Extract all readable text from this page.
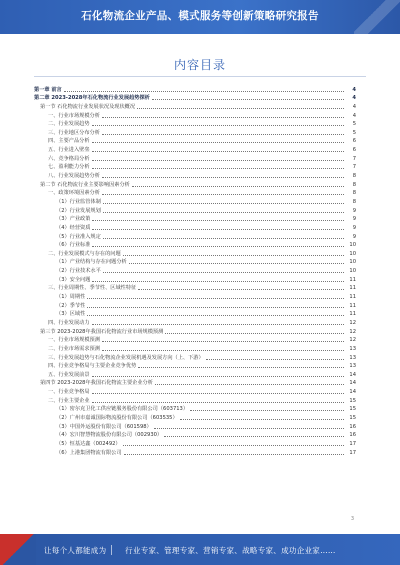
石化物流企业产品、模式服务等创新策略研究报告
内容目录
第一章 前言	4
第二章 2023-2028年石化物流行业发展趋势探析	4
第一节 石化物流行业发展状况及现状概况	4
一、行业市场规模分析	4
二、行业发展趋势	5
三、行业地区分布分析	5
四、主要产品分析	6
五、行业进入壁垒	6
六、竞争格局分析	7
七、盈利能力分析	7
八、行业发展趋势分析	8
第二节 石化物流行业主要影响因素分析	8
一、政策环境因素分析	8
（1）行业监管体制	8
（2）行业发展规划	9
（3）产业政策	9
（4）经营资质	9
（5）行业准入规定	9
（6）行业标准	10
二、行业发展模式与存在的问题	10
（1）产业结构与存在问题分析	10
（2）行业技术水平	10
（3）安全问题	11
三、行业周期性、季节性、区域性特征	11
（1）周期性	11
（2）季节性	11
（3）区域性	11
四、行业发展动力	12
第三节 2023-2028年我国石化物流行业市场规模预测	12
一、行业市场规模预测	12
二、行业市场需求预测	13
三、行业发展趋势与石化物流企业发展机遇及发展方向（上、下游）	13
四、行业竞争格局与主要企业竞争优势	13
五、行业发展前景	14
第四节 2023-2028年我国石化物流主要企业分析	14
一、行业竞争格局	14
二、行业主要企业	15
（1）密尔克卫化工供应链服务股份有限公司（603713）	15
（2）广州市嘉诚国际物流股份有限公司（603535）	15
（3）中国外运股份有限公司（601598）	16
（4）宏川智慧物流股份有限公司（002930）	16
（5）恒基达鑫（002492）	17
（6）上港集团物流有限公司	17
3
让每个人都能成为 行业专家、管理专家、营销专家、战略专家、成功企业家……
